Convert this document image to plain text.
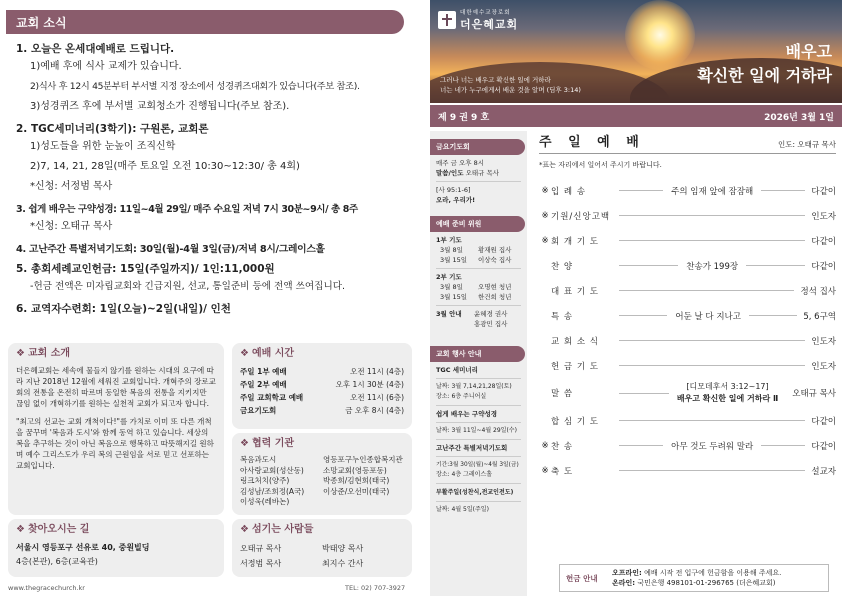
교회 소식
1. 오늘은 온세대예배로 드립니다.
1)예배 후에 식사 교제가 있습니다.
2)식사 후 12시 45분부터 부서별 지정 장소에서 성경퀴즈대회가 있습니다(주보 참조).
3)성경퀴즈 후에 부서별 교회청소가 진행됩니다(주보 참조).
2. TGC세미너리(3학기): 구원론, 교회론
1)성도들을 위한 눈높이 조직신학
2)7, 14, 21, 28일(매주 토요일 오전 10:30~12:30/ 총 4회)
*신청: 서정범 목사
3. 쉽게 배우는 구약성경: 11일~4월 29일/ 매주 수요일 저녁 7시 30분~9시/ 총 8주
*신청: 오태규 목사
4. 고난주간 특별저녁기도회: 30일(월)-4월 3일(금)/저녁 8시/그레이스홀
5. 총회세례교인헌금: 15일(주일까지)/ 1인:11,000원
-헌금 전액은 미자립교회와 긴급지원, 선교, 통일준비 등에 전액 쓰여집니다.
6. 교역자수련회: 1일(오늘)~2일(내일)/ 인천
❖ 교회 소개

더은혜교회는 세속에 물들지 않기를 원하는 시대의 요구에 따라 지난 2018년 12월에 세워진 교회입니다. 개혁주의 장로교회의 전통을 온전히 따르며 동일한 복음의 전통을 지키지만 끊임 없이 개혁하기를 원하는 실천적 교회가 되고자 합니다.

"최고의 선교는 교회 개척이다!"를 가치로 이미 또 다른 개척을 꿈꾸며 '복음과 도시'와 함께 동역 하고 있습니다. 세상의 복을 추구하는 것이 아닌 복음으로 행복하고 따뜻해지길 원하며 예수 그리스도가 우리 복의 근원임을 서로 믿고 선포하는 교회입니다.

❖ 예배 시간
주일 1부 예배	오전 11시 (4층)
주일 2부 예배	오후 1시 30분 (4층)
주일 교회학교 예배	오전 11시 (6층)
금요기도회	금 오후 8시 (4층)
❖ 협력 기관
복음과도시	영등포구누인종합복지관
아사랑교회(성산동)	소망교회(영등포동)
링크처치(양주)	박종희/김현희(태국)
김성남/조희정(A국)	이상준/오선미(태국)
이성욱(레바논)
❖ 찾아오시는 길
서울시 영등포구 선유로 40, 중원빌딩
4층(본관), 6층(교육관)
❖ 섬기는 사람들
오태규 목사	박태양 목사
서정범 목사	최지수 간사
www.thegracechurch.kr	TEL: 02) 707-3927
대한예수교장로회
더은혜교회
배우고
확신한 일에 거하라
그러나 너는 배우고 확신한 일에 거하라
너는 네가 누구에게서 배운 것을 알며 (딤후 3:14)
제 9 권 9 호	2026년 3월 1일
금요기도회
매주 금 오후 8시
말씀/인도 오태규 목사
[사 95:1-6]
오라, 우리가!
예배 준비 위원
1부 기도
3월 8일	황재원 집사
3월 15일	이상숙 집사
2부 기도
3월 8일	오명현 청년
3월 15일	한건희 청년
3월 안내	윤혜경 권사
홍광민 집사
교회 행사 안내
TGC 세미너리
날짜: 3월 7,14,21,28일(토)
장소: 6층 주니어실
쉽게 배우는 구약성경
날짜: 3월 11일~4월 29일(수)
고난주간 특별저녁기도회
기간:3월 30일(월)~4월 3일(금)
장소: 4층 그레이스홀
부활주일(성찬식,전교인전도)
날짜: 4월 5일(주일)
주 일 예 배	인도: 오태규 목사
*표는 자리에서 일어서 주시기 바랍니다.
※ 입 례 송	주의 임재 앞에 잠잠해	다같이
※ 기원/신앙고백	인도자
※ 회 개 기 도	다같이
찬 양	찬송가 199장	다같이
대 표 기 도	정석 집사
특 송	어둔 날 다 지나고	5, 6구역
교 회 소 식	인도자
헌 금 기 도	인도자
말 씀
[디모데후서 3:12~17]
배우고 확신한 일에 거하라 Ⅱ	오태규 목사
합 심 기 도	다같이
※ 찬 송	아무 것도 두려워 말라	다같이
※ 축 도	설교자
헌금 안내
오프라인: 예배 시작 전 입구에 헌금함을 이용해 주세요.
온라인: 국민은행 498101-01-296765 (더은혜교회)
